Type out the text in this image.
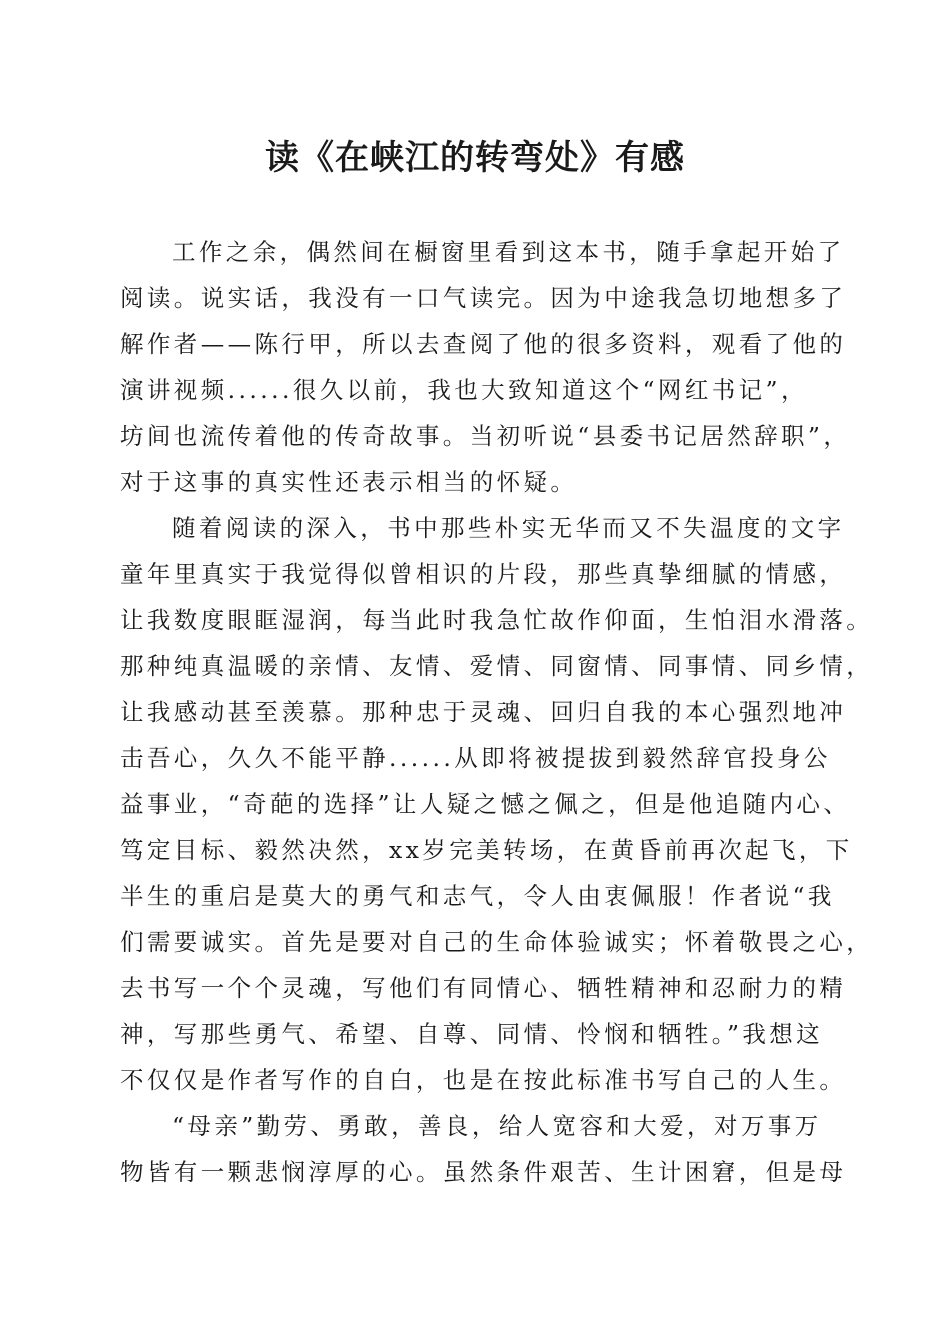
读《在峡江的转弯处》有感
工作之余，偶然间在橱窗里看到这本书，随手拿起开始了
阅读。说实话，我没有一口气读完。因为中途我急切地想多了
解作者——陈行甲，所以去查阅了他的很多资料，观看了他的
演讲视频......很久以前，我也大致知道这个“网红书记”，
坊间也流传着他的传奇故事。当初听说“县委书记居然辞职”，
对于这事的真实性还表示相当的怀疑。
随着阅读的深入，书中那些朴实无华而又不失温度的文字
童年里真实于我觉得似曾相识的片段，那些真挚细腻的情感，
让我数度眼眶湿润，每当此时我急忙故作仰面，生怕泪水滑落。
那种纯真温暖的亲情、友情、爱情、同窗情、同事情、同乡情，
让我感动甚至羡慕。那种忠于灵魂、回归自我的本心强烈地冲
击吾心，久久不能平静......从即将被提拔到毅然辞官投身公
益事业，“奇葩的选择”让人疑之憾之佩之，但是他追随内心、
笃定目标、毅然决然，xx岁完美转场，在黄昏前再次起飞，下
半生的重启是莫大的勇气和志气，令人由衷佩服！作者说“我
们需要诚实。首先是要对自己的生命体验诚实；怀着敬畏之心，
去书写一个个灵魂，写他们有同情心、牺牲精神和忍耐力的精
神，写那些勇气、希望、自尊、同情、怜悯和牺牲。”我想这
不仅仅是作者写作的自白，也是在按此标准书写自己的人生。
“母亲”勤劳、勇敢，善良，给人宽容和大爱，对万事万
物皆有一颗悲悯淳厚的心。虽然条件艰苦、生计困窘，但是母
